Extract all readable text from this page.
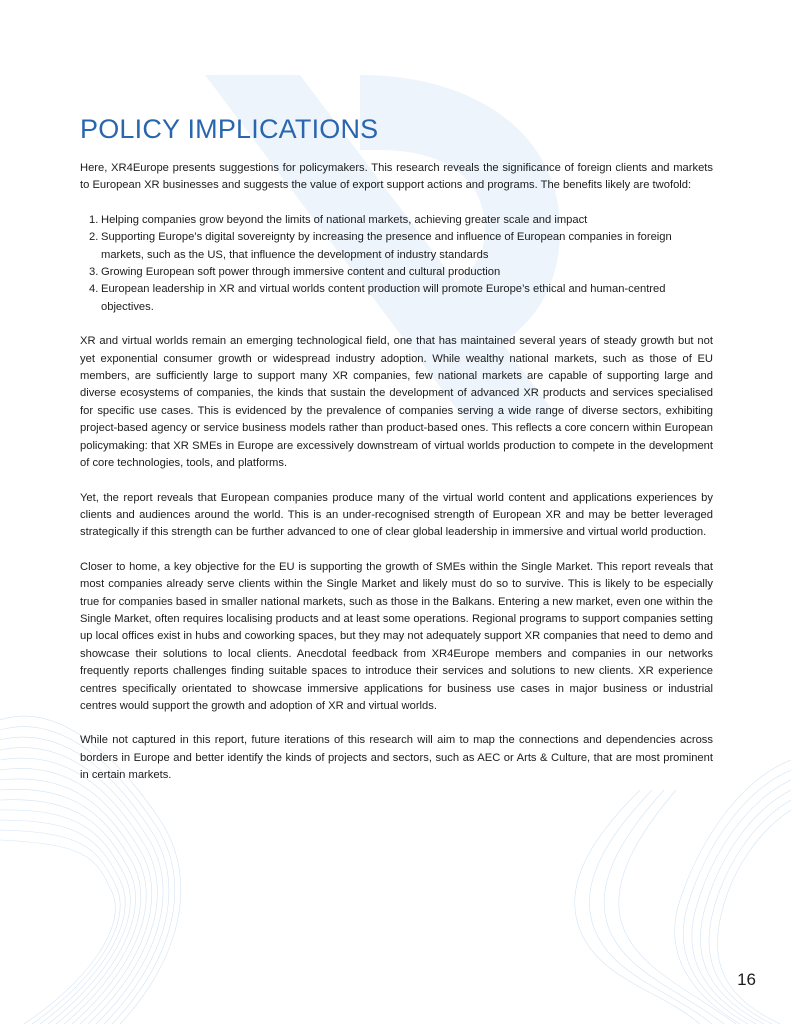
POLICY IMPLICATIONS

Here, XR4Europe presents suggestions for policymakers. This research reveals the significance of foreign clients and markets to European XR businesses and suggests the value of export support actions and programs. The benefits likely are twofold:

1. Helping companies grow beyond the limits of national markets, achieving greater scale and impact
2. Supporting Europe’s digital sovereignty by increasing the presence and influence of European companies in foreign markets, such as the US, that influence the development of industry standards
3. Growing European soft power through immersive content and cultural production
4. European leadership in XR and virtual worlds content production will promote Europe’s ethical and human-centred objectives.

XR and virtual worlds remain an emerging technological field, one that has maintained several years of steady growth but not yet exponential consumer growth or widespread industry adoption. While wealthy national markets, such as those of EU members, are sufficiently large to support many XR companies, few national markets are capable of supporting large and diverse ecosystems of companies, the kinds that sustain the development of advanced XR products and services specialised for specific use cases. This is evidenced by the prevalence of companies serving a wide range of diverse sectors, exhibiting project-based agency or service business models rather than product-based ones. This reflects a core concern within European policymaking: that XR SMEs in Europe are excessively downstream of virtual worlds production to compete in the development of core technologies, tools, and platforms.

Yet, the report reveals that European companies produce many of the virtual world content and applications experiences by clients and audiences around the world. This is an under-recognised strength of European XR and may be better leveraged strategically if this strength can be further advanced to one of clear global leadership in immersive and virtual world production.

Closer to home, a key objective for the EU is supporting the growth of SMEs within the Single Market. This report reveals that most companies already serve clients within the Single Market and likely must do so to survive. This is likely to be especially true for companies based in smaller national markets, such as those in the Balkans. Entering a new market, even one within the Single Market, often requires localising products and at least some operations. Regional programs to support companies setting up local offices exist in hubs and coworking spaces, but they may not adequately support XR companies that need to demo and showcase their solutions to local clients. Anecdotal feedback from XR4Europe members and companies in our networks frequently reports challenges finding suitable spaces to introduce their services and solutions to new clients. XR experience centres specifically orientated to showcase immersive applications for business use cases in major business or industrial centres would support the growth and adoption of XR and virtual worlds.

While not captured in this report, future iterations of this research will aim to map the connections and dependencies across borders in Europe and better identify the kinds of projects and sectors, such as AEC or Arts & Culture, that are most prominent in certain markets.

16
